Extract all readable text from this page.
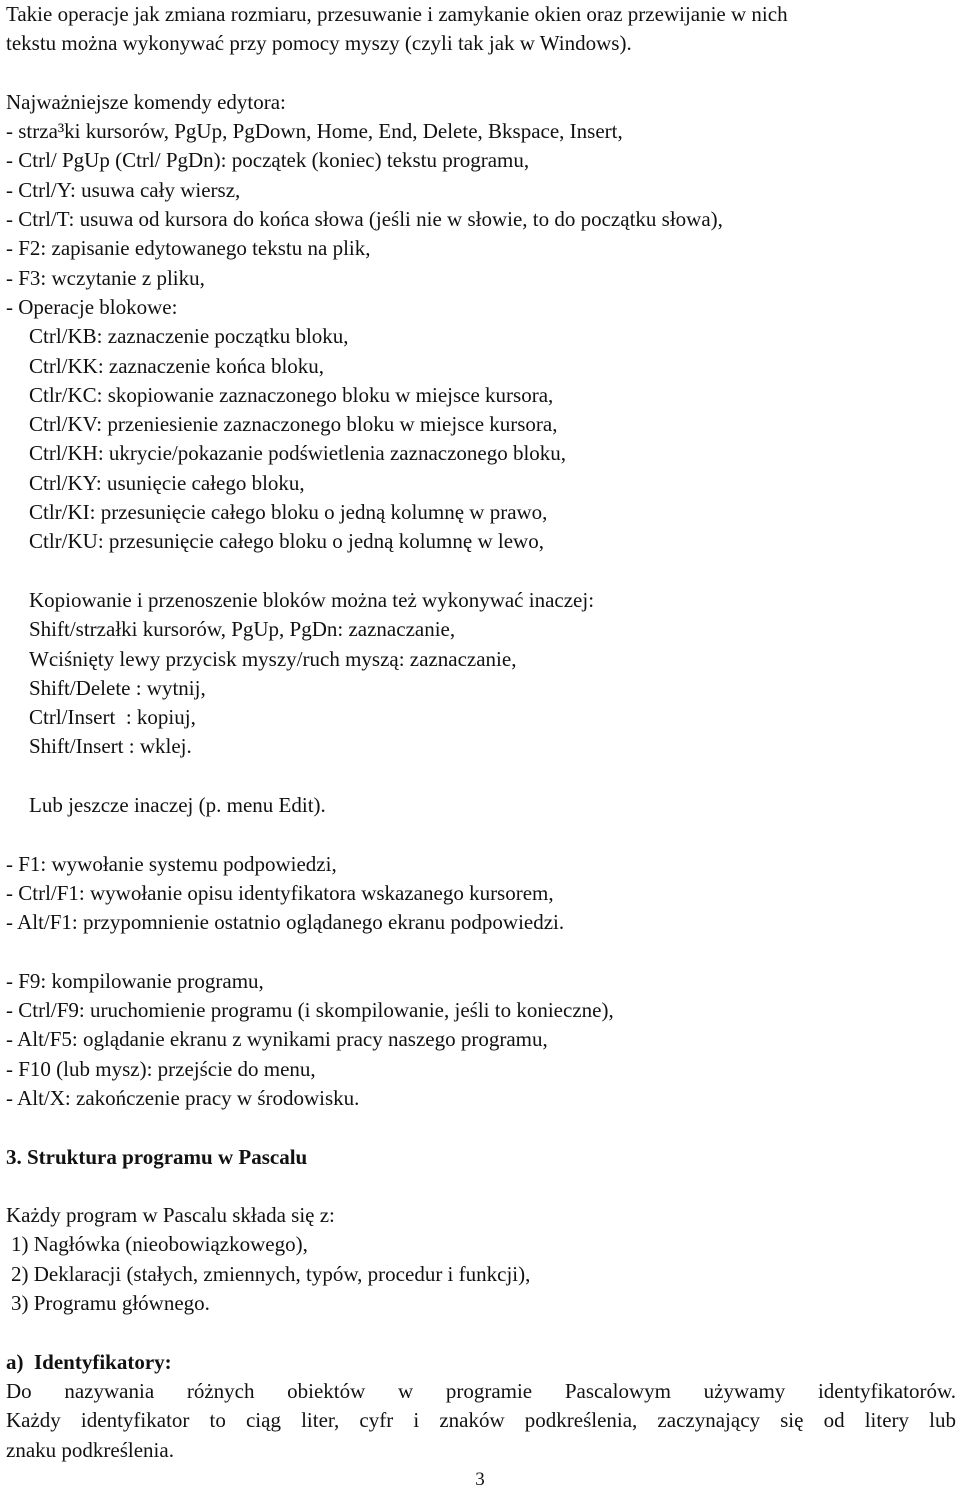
Takie operacje jak zmiana rozmiaru, przesuwanie i zamykanie okien oraz przewijanie w nich
tekstu można wykonywać przy pomocy myszy (czyli tak jak w Windows).
Najważniejsze komendy edytora:
- strza³ki kursorów, PgUp, PgDown, Home, End, Delete, Bkspace, Insert,
- Ctrl/ PgUp (Ctrl/ PgDn): początek (koniec) tekstu programu,
- Ctrl/Y: usuwa cały wiersz,
- Ctrl/T: usuwa od kursora do końca słowa (jeśli nie w słowie, to do początku słowa),
- F2: zapisanie edytowanego tekstu na plik,
- F3: wczytanie z pliku,
- Operacje blokowe:
Ctrl/KB: zaznaczenie początku bloku,
Ctrl/KK: zaznaczenie końca bloku,
Ctlr/KC: skopiowanie zaznaczonego bloku w miejsce kursora,
Ctrl/KV: przeniesienie zaznaczonego bloku w miejsce kursora,
Ctrl/KH: ukrycie/pokazanie podświetlenia zaznaczonego bloku,
Ctrl/KY: usunięcie całego bloku,
Ctlr/KI: przesunięcie całego bloku o jedną kolumnę w prawo,
Ctlr/KU: przesunięcie całego bloku o jedną kolumnę w lewo,
Kopiowanie i przenoszenie bloków można też wykonywać inaczej:
Shift/strzałki kursorów, PgUp, PgDn: zaznaczanie,
Wciśnięty lewy przycisk myszy/ruch myszą: zaznaczanie,
Shift/Delete : wytnij,
Ctrl/Insert  : kopiuj,
Shift/Insert : wklej.
Lub jeszcze inaczej (p. menu Edit).
- F1: wywołanie systemu podpowiedzi,
- Ctrl/F1: wywołanie opisu identyfikatora wskazanego kursorem,
- Alt/F1: przypomnienie ostatnio oglądanego ekranu podpowiedzi.
- F9: kompilowanie programu,
- Ctrl/F9: uruchomienie programu (i skompilowanie, jeśli to konieczne),
- Alt/F5: oglądanie ekranu z wynikami pracy naszego programu,
- F10 (lub mysz): przejście do menu,
- Alt/X: zakończenie pracy w środowisku.
3. Struktura programu w Pascalu
Każdy program w Pascalu składa się z:
1) Nagłówka (nieobowiązkowego),
2) Deklaracji (stałych, zmiennych, typów, procedur i funkcji),
3) Programu głównego.
a)  Identyfikatory:
Do nazywania różnych obiektów w programie Pascalowym używamy identyfikatorów.
Każdy identyfikator to ciąg liter, cyfr i znaków podkreślenia, zaczynający się od litery lub
znaku podkreślenia.
3
